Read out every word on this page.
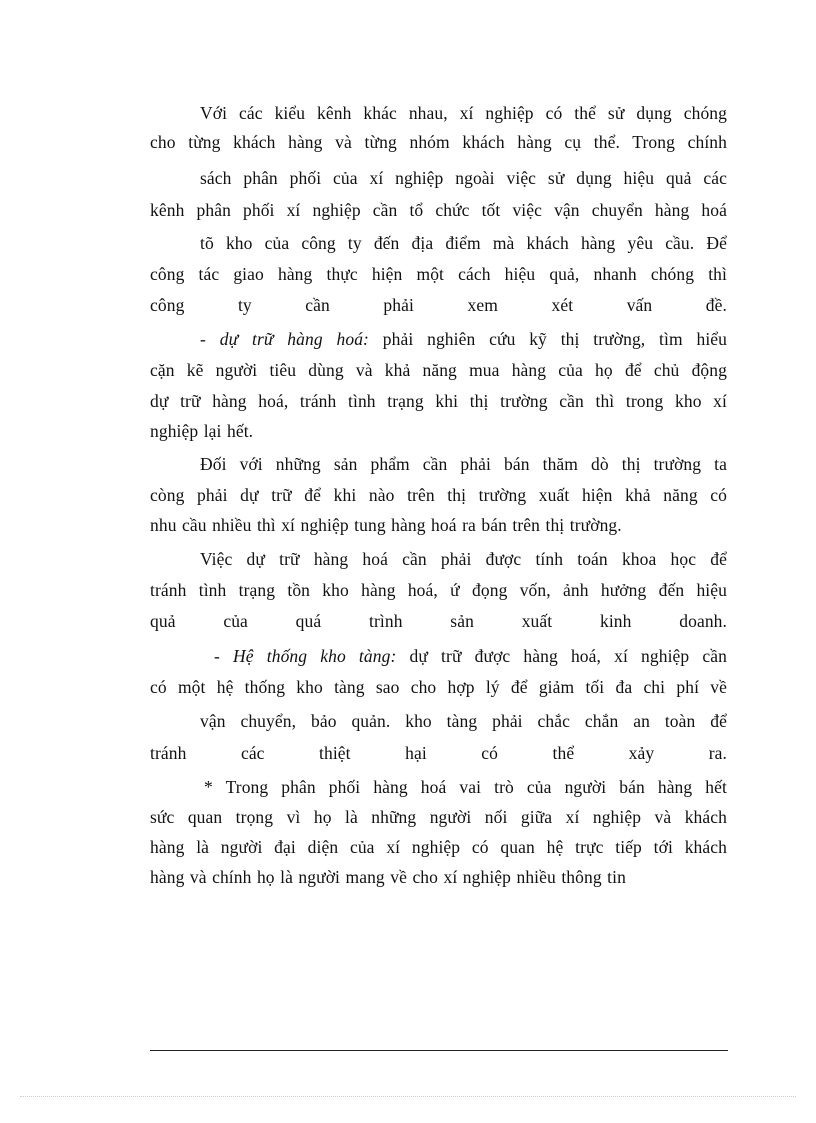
Với các kiểu kênh khác nhau, xí nghiệp có thể sử dụng chóng
cho từng khách hàng và từng nhóm khách hàng cụ thể. Trong chính
sách phân phối của xí nghiệp ngoài việc sử dụng hiệu quả các
kênh phân phối xí nghiệp cần tổ chức tốt việc vận chuyển hàng hoá
tõ kho của công ty đến địa điểm mà khách hàng yêu cầu. Để
công tác giao hàng thực hiện một cách hiệu quả, nhanh chóng thì
công ty cần phải xem xét vấn đề.
- dự trữ hàng hoá: phải nghiên cứu kỹ thị trường, tìm hiểu
cặn kẽ người tiêu dùng và khả năng mua hàng của họ để chủ động
dự trữ hàng hoá, tránh tình trạng khi thị trường cần thì trong kho xí
nghiệp lại hết.
Đối với những sản phẩm cần phải bán thăm dò thị trường ta
còng phải dự trữ để khi nào trên thị trường xuất hiện khả năng có
nhu cầu nhiều thì xí nghiệp tung hàng hoá ra bán trên thị trường.
Việc dự trữ hàng hoá cần phải được tính toán khoa học để
tránh tình trạng tồn kho hàng hoá, ứ đọng vốn, ảnh hưởng đến hiệu
quả của quá trình sản xuất kinh doanh.
- Hệ thống kho tàng: dự trữ được hàng hoá, xí nghiệp cần
có một hệ thống kho tàng sao cho hợp lý để giảm tối đa chi phí về
vận chuyển, bảo quản. kho tàng phải chắc chắn an toàn để
tránh các thiệt hại có thể xảy ra.
* Trong phân phối hàng hoá vai trò của người bán hàng hết
sức quan trọng vì họ là những người nối giữa xí nghiệp và khách
hàng là người đại diện của xí nghiệp có quan hệ trực tiếp tới khách
hàng và chính họ là người mang về cho xí nghiệp nhiều thông tin
